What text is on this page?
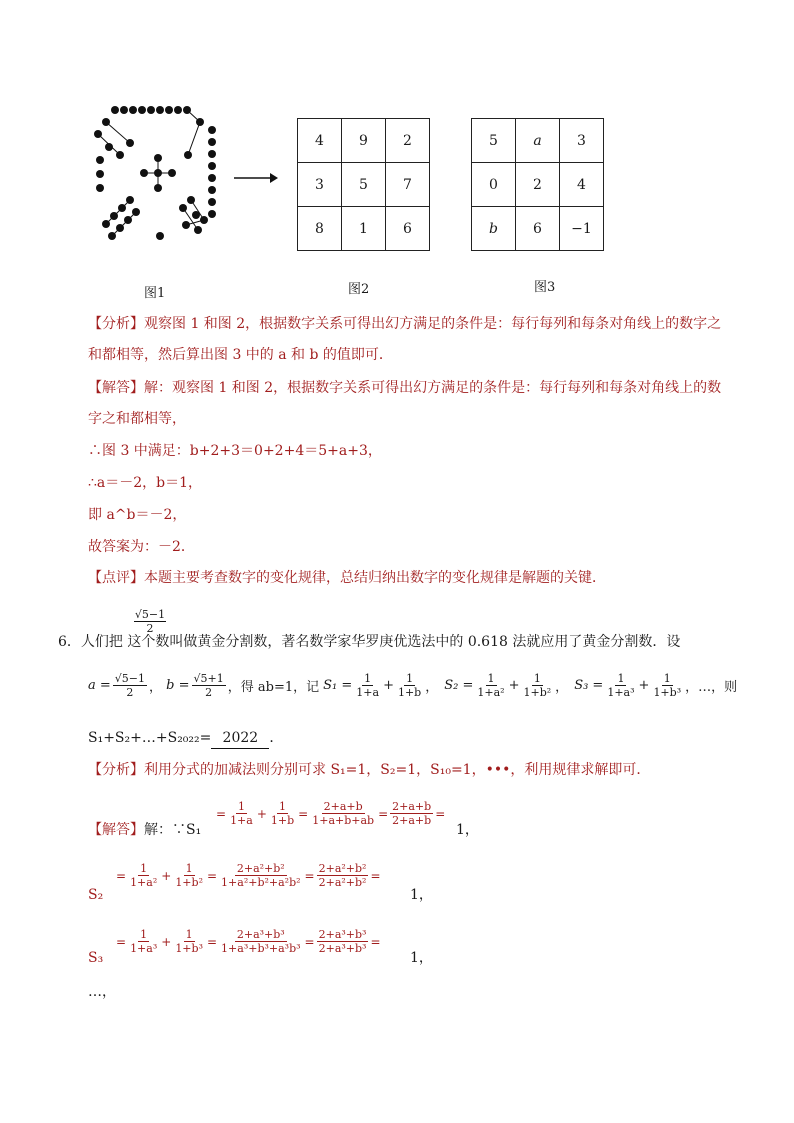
4	9	2
3	5	7
8	1	6
5	a	3
0	2	4
b	6	−1
图1	图2	图3
【分析】观察图 1 和图 2，根据数字关系可得出幻方满足的条件是：每行每列和每条对角线上的数字之
和都相等，然后算出图 3 中的 a 和 b 的值即可．
【解答】解：观察图 1 和图 2，根据数字关系可得出幻方满足的条件是：每行每列和每条对角线上的数
字之和都相等，
∴图 3 中满足：b+2+3＝0+2+4＝5+a+3，
∴a＝－2，b＝1，
即 a^b＝－2，
故答案为：－2．
【点评】本题主要考查数字的变化规律，总结归纳出数字的变化规律是解题的关键．
$\frac{√5-1}{2}$
6．人们把 这个数叫做黄金分割数，著名数学家华罗庚优选法中的 0.618 法就应用了黄金分割数．设
$a = \frac{√5-1}{2}$ ， $b = \frac{√5+1}{2}$ ，得 ab=1，记 $S_1 = \frac{1}{1+a} + \frac{1}{1+b}$ ， $S_2 = \frac{1}{\text{1+a²}} + \frac{1}{\text{1+b²}}$ ， $S_3 = \frac{1}{\text{1+a³}} + \frac{1}{\text{1+b³}}$ ，…，则
S₁+S₂+…+S₂₀₂₂= 2022 ．
【分析】利用分式的加减法则分别可求 S₁=1，S₂=1，S₁₀=1，•••，利用规律求解即可．
【解答】解：∵S₁
= $\frac{1}{1+a} + \frac{1}{1+b} = \frac{2+a+b}{1+a+b+ab} = \frac{2+a+b}{2+a+b}$ =
1，
S₂
= $\frac{1}{\text{1+a²}} + \frac{1}{\text{1+b²}} = \frac{\text{2+a²+b²}}{\text{1+a²+b²+a²b²}} = \frac{\text{2+a²+b²}}{\text{2+a²+b²}}$ =
1，
S₃
= $\frac{1}{\text{1+a³}} + \frac{1}{\text{1+b³}} = \frac{\text{2+a³+b³}}{\text{1+a³+b³+a³b³}} = \frac{\text{2+a³+b³}}{\text{2+a³+b³}}$ =
1，
…，
